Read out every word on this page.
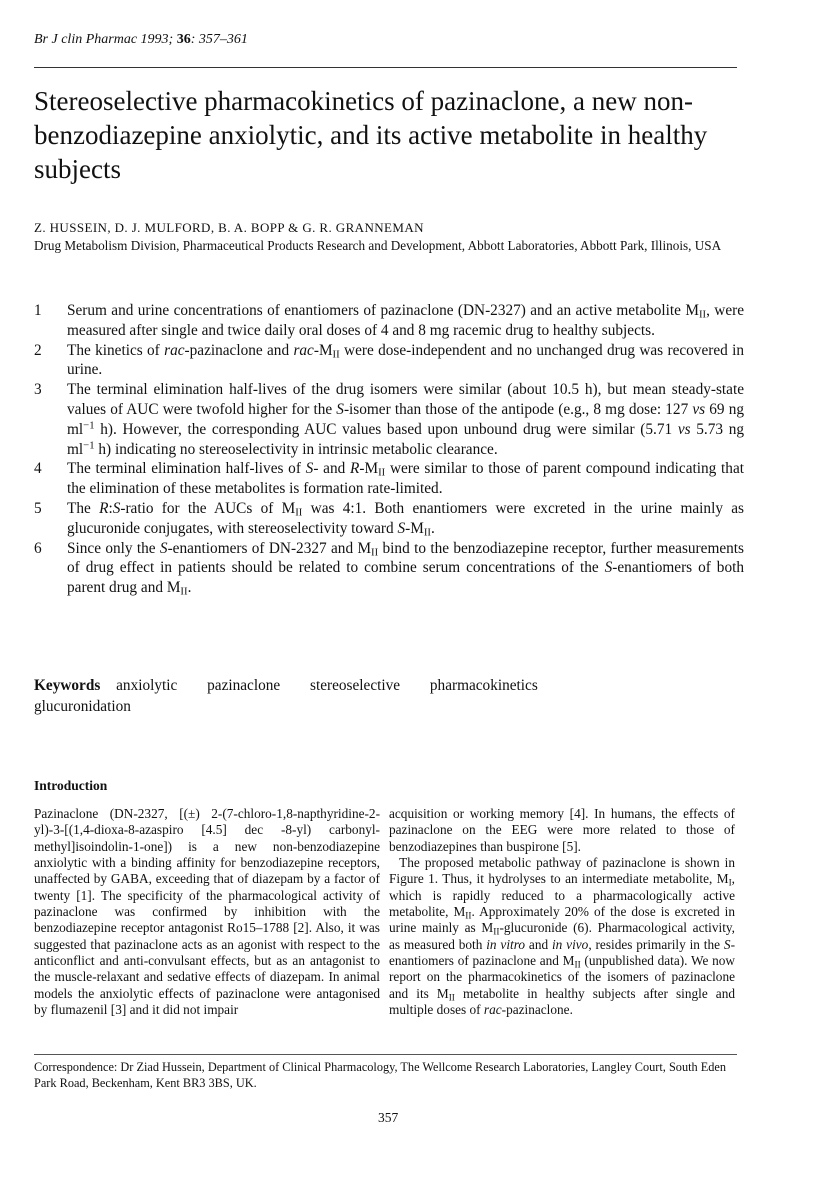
Br J clin Pharmac 1993; 36: 357–361
Stereoselective pharmacokinetics of pazinaclone, a new non-benzodiazepine anxiolytic, and its active metabolite in healthy subjects
Z. HUSSEIN, D. J. MULFORD, B. A. BOPP & G. R. GRANNEMAN
Drug Metabolism Division, Pharmaceutical Products Research and Development, Abbott Laboratories, Abbott Park, Illinois, USA
1	Serum and urine concentrations of enantiomers of pazinaclone (DN-2327) and an active metabolite $M_{II}$, were measured after single and twice daily oral doses of 4 and 8 mg racemic drug to healthy subjects.
2	The kinetics of rac-pazinaclone and rac-$M_{II}$ were dose-independent and no unchanged drug was recovered in urine.
3	The terminal elimination half-lives of the drug isomers were similar (about 10.5 h), but mean steady-state values of AUC were twofold higher for the S-isomer than those of the antipode (e.g., 8 mg dose: 127 vs 69 ng $ml^{-1}$ h). However, the corresponding AUC values based upon unbound drug were similar (5.71 vs 5.73 ng $ml^{-1}$ h) indicating no stereoselectivity in intrinsic metabolic clearance.
4	The terminal elimination half-lives of S- and $R-M_{II}$ were similar to those of parent compound indicating that the elimination of these metabolites is formation rate-limited.
5	The R:S-ratio for the AUCs of $M_{II}$ was 4:1. Both enantiomers were excreted in the urine mainly as glucuronide conjugates, with stereoselectivity toward $S-M_{II}$.
6	Since only the S-enantiomers of DN-2327 and $M_{II}$ bind to the benzodiazepine receptor, further measurements of drug effect in patients should be related to combine serum concentrations of the S-enantiomers of both parent drug and $M_{II}$.
Keywords anxiolytic pazinaclone stereoselective pharmacokinetics
glucuronidation
Introduction
Pazinaclone (DN-2327, [(±) 2-(7-chloro-1,8-napthyridine-2-yl)-3-[(1,4-dioxa-8-azaspiro [4.5] dec -8-yl) carbonyl-methyl]isoindolin-1-one]) is a new non-benzodiazepine anxiolytic with a binding affinity for benzodiazepine receptors, unaffected by GABA, exceeding that of diazepam by a factor of twenty [1]. The specificity of the pharmacological activity of pazinaclone was confirmed by inhibition with the benzodiazepine receptor antagonist Ro15–1788 [2]. Also, it was suggested that pazinaclone acts as an agonist with respect to the anticonflict and anti-convulsant effects, but as an antagonist to the muscle-relaxant and sedative effects of diazepam. In animal models the anxiolytic effects of pazinaclone were antagonised by flumazenil [3] and it did not impair
acquisition or working memory [4]. In humans, the effects of pazinaclone on the EEG were more related to those of benzodiazepines than buspirone [5].
The proposed metabolic pathway of pazinaclone is shown in Figure 1. Thus, it hydrolyses to an intermediate metabolite, $M_I$, which is rapidly reduced to a pharmacologically active metabolite, $M_{II}$. Approximately 20% of the dose is excreted in urine mainly as $M_{II}$-glucuronide (6). Pharmacological activity, as measured both in vitro and in vivo, resides primarily in the S-enantiomers of pazinaclone and $M_{II}$ (unpublished data). We now report on the pharmacokinetics of the isomers of pazinaclone and its $M_{II}$ metabolite in healthy subjects after single and multiple doses of rac-pazinaclone.
Correspondence: Dr Ziad Hussein, Department of Clinical Pharmacology, The Wellcome Research Laboratories, Langley Court, South Eden Park Road, Beckenham, Kent BR3 3BS, UK.
357
